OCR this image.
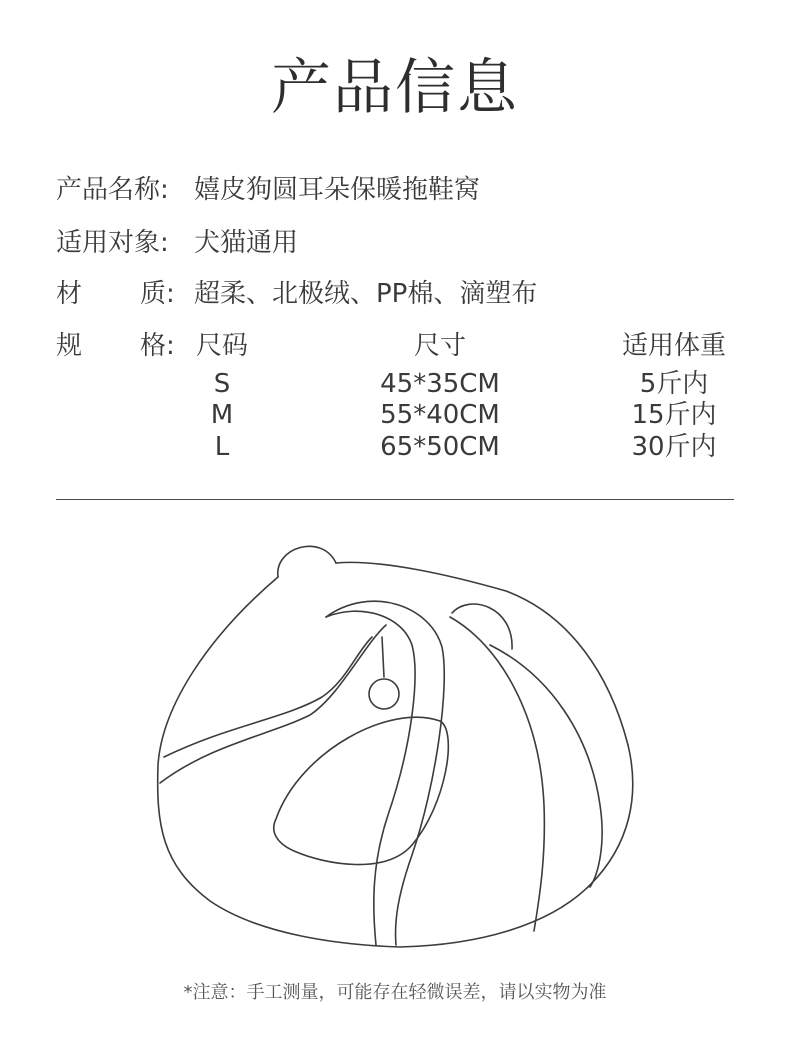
产品信息
产品名称: 嬉皮狗圆耳朵保暖拖鞋窝
适用对象: 犬猫通用
材 质 : 超柔、北极绒、PP棉、滴塑布
规 格 : 尺码	尺寸	适用体重
S	45*35CM	5斤内
M	55*40CM	15斤内
L	65*50CM	30斤内
*注意：手工测量，可能存在轻微误差，请以实物为准
